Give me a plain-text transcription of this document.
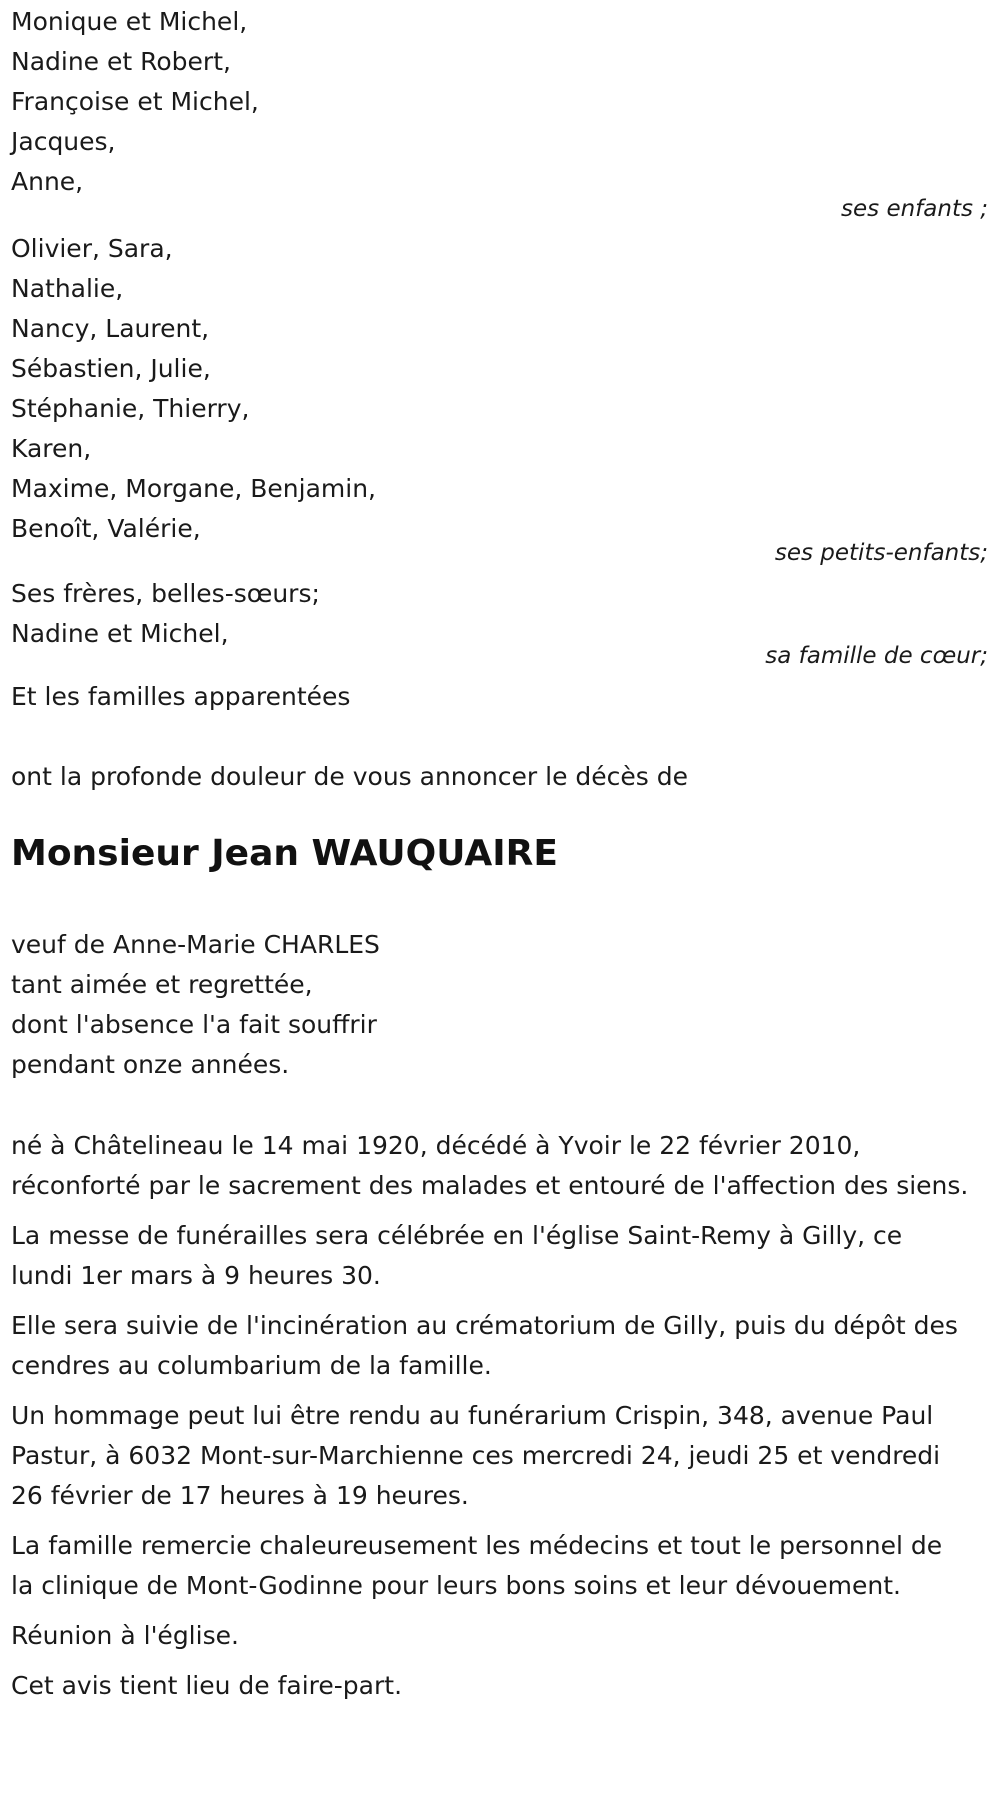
Monique et Michel,
Nadine et Robert,
Françoise et Michel,
Jacques,
Anne,
ses enfants ;
Olivier, Sara,
Nathalie,
Nancy, Laurent,
Sébastien, Julie,
Stéphanie, Thierry,
Karen,
Maxime, Morgane, Benjamin,
Benoît, Valérie,
ses petits-enfants;
Ses frères, belles-sœurs;
Nadine et Michel,
sa famille de cœur;
Et les familles apparentées
ont la profonde douleur de vous annoncer le décès de
Monsieur Jean WAUQUAIRE
veuf de Anne-Marie CHARLES
tant aimée et regrettée,
dont l'absence l'a fait souffrir
pendant onze années.

né à Châtelineau le 14 mai 1920, décédé à Yvoir le 22 février 2010, réconforté par le sacrement des malades et entouré de l'affection des siens.

La messe de funérailles sera célébrée en l'église Saint-Remy à Gilly, ce lundi 1er mars à 9 heures 30.

Elle sera suivie de l'incinération au crématorium de Gilly, puis du dépôt des cendres au columbarium de la famille.

Un hommage peut lui être rendu au funérarium Crispin, 348, avenue Paul Pastur, à 6032 Mont-sur-Marchienne ces mercredi 24, jeudi 25 et vendredi 26 février de 17 heures à 19 heures.

La famille remercie chaleureusement les médecins et tout le personnel de la clinique de Mont-Godinne pour leurs bons soins et leur dévouement.

Réunion à l'église.

Cet avis tient lieu de faire-part.
